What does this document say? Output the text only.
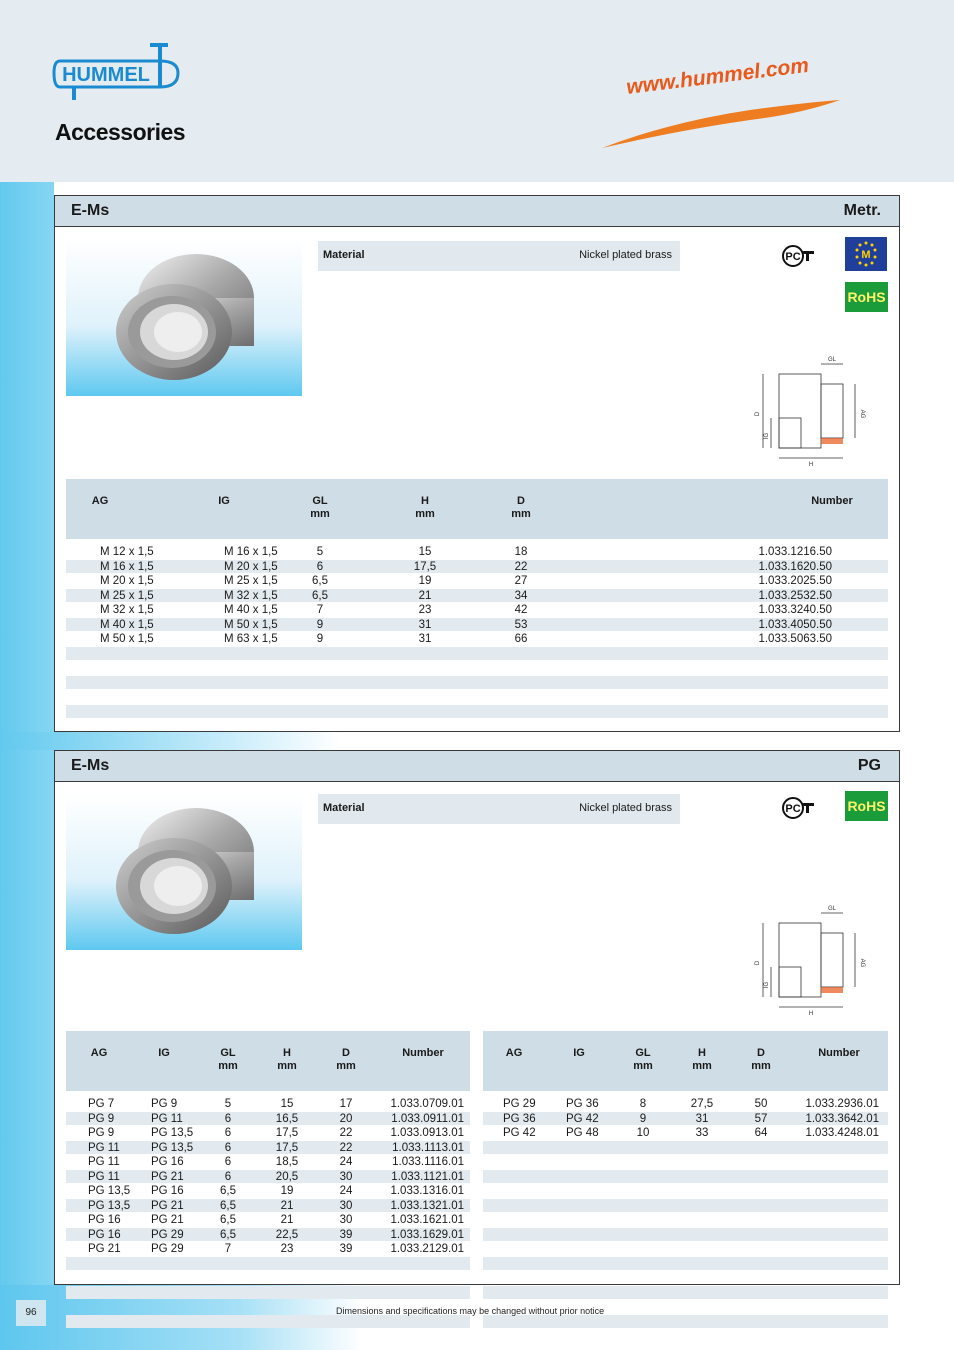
HUMMEL
Accessories
www.hummel.com
E-Ms	Metr.
Material	Nickel plated brass	PC	M
RoHS
GL
D
IG
AG
H
AG	IG	GL
mm
H
mm
D
mm
Number
M 12 x 1,5	M 16 x 1,5	5	15	18	1.033.1216.50
M 16 x 1,5	M 20 x 1,5	6	17,5	22	1.033.1620.50
M 20 x 1,5	M 25 x 1,5	6,5	19	27	1.033.2025.50
M 25 x 1,5	M 32 x 1,5	6,5	21	34	1.033.2532.50
M 32 x 1,5	M 40 x 1,5	7	23	42	1.033.3240.50
M 40 x 1,5	M 50 x 1,5	9	31	53	1.033.4050.50
M 50 x 1,5	M 63 x 1,5	9	31	66	1.033.5063.50
E-Ms	PG
Material	Nickel plated brass	PC	RoHS
GL
D
IG
AG
H
AG	IG	GL
mm
H
mm
D
mm
Number
PG 7	PG 9	5	15	17	1.033.0709.01
PG 9	PG 11	6	16,5	20	1.033.0911.01
PG 9	PG 13,5	6	17,5	22	1.033.0913.01
PG 11	PG 13,5	6	17,5	22	1.033.1113.01
PG 11	PG 16	6	18,5	24	1.033.1116.01
PG 11	PG 21	6	20,5	30	1.033.1121.01
PG 13,5 PG 16	6,5	19	24	1.033.1316.01
PG 13,5 PG 21	6,5	21	30	1.033.1321.01
PG 16	PG 21	6,5	21	30	1.033.1621.01
PG 16	PG 29	6,5	22,5	39	1.033.1629.01
PG 21	PG 29	7	23	39	1.033.2129.01
AG	IG	GL
mm
H
mm
D
mm
Number
PG 29	PG 36	8	27,5	50	1.033.2936.01
PG 36	PG 42	9	31	57	1.033.3642.01
PG 42	PG 48	10	33	64	1.033.4248.01
96	Dimensions and specifications may be changed without prior notice
